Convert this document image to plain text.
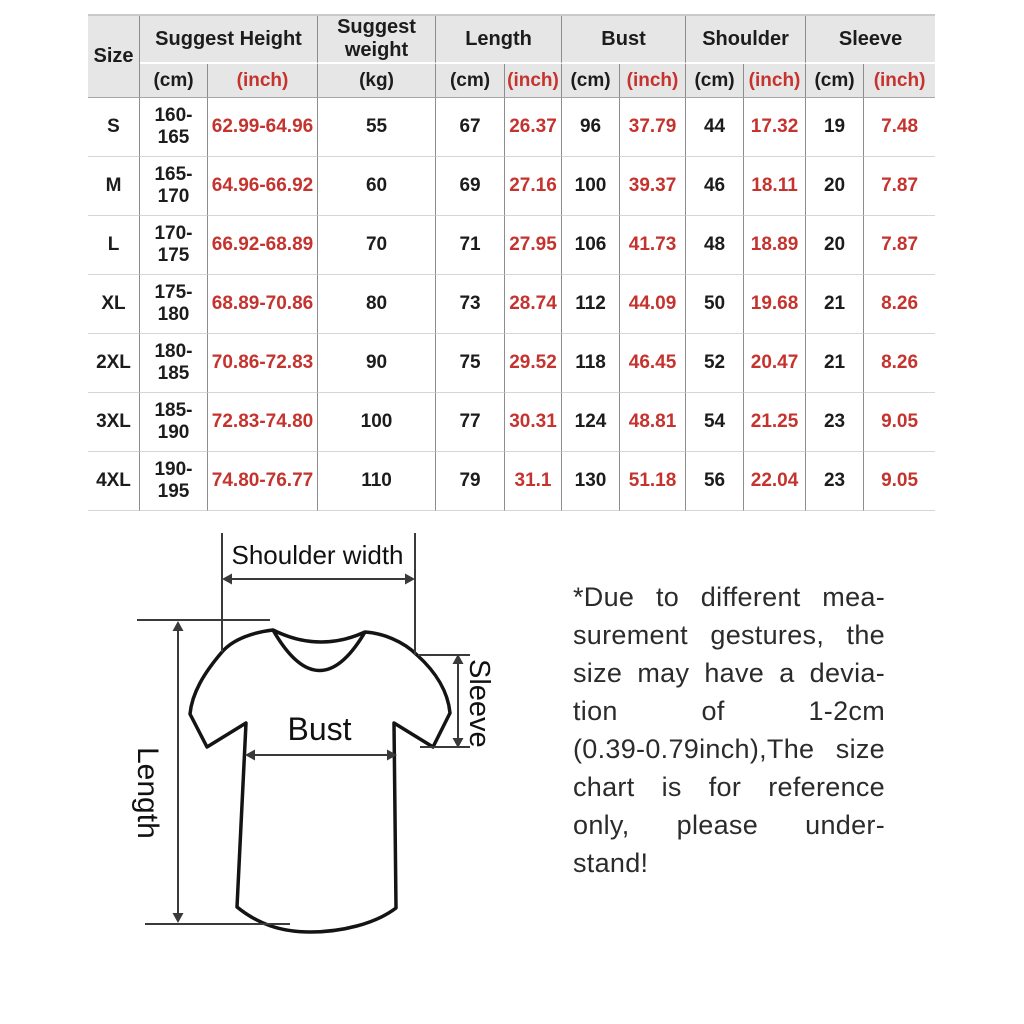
Size	Suggest Height		Suggest weight	Length		Bust		Shoulder		Sleeve	
	(cm)	(inch)	(kg)	(cm)	(inch)	(cm)	(inch)	(cm)	(inch)	(cm)	(inch)
S	160-165	62.99-64.96	55	67	26.37	96	37.79	44	17.32	19	7.48
M	165-170	64.96-66.92	60	69	27.16	100	39.37	46	18.11	20	7.87
L	170-175	66.92-68.89	70	71	27.95	106	41.73	48	18.89	20	7.87
XL	175-180	68.89-70.86	80	73	28.74	112	44.09	50	19.68	21	8.26
2XL	180-185	70.86-72.83	90	75	29.52	118	46.45	52	20.47	21	8.26
3XL	185-190	72.83-74.80	100	77	30.31	124	48.81	54	21.25	23	9.05
4XL	190-195	74.80-76.77	110	79	31.1	130	51.18	56	22.04	23	9.05
Shoulder width
Bust	Sleeve
Length
*Due to different mea-
surement gestures, the
size may have a devia-
tion of 1-2cm
(0.39-0.79inch),The size
chart is for reference
only, please under-
stand!
